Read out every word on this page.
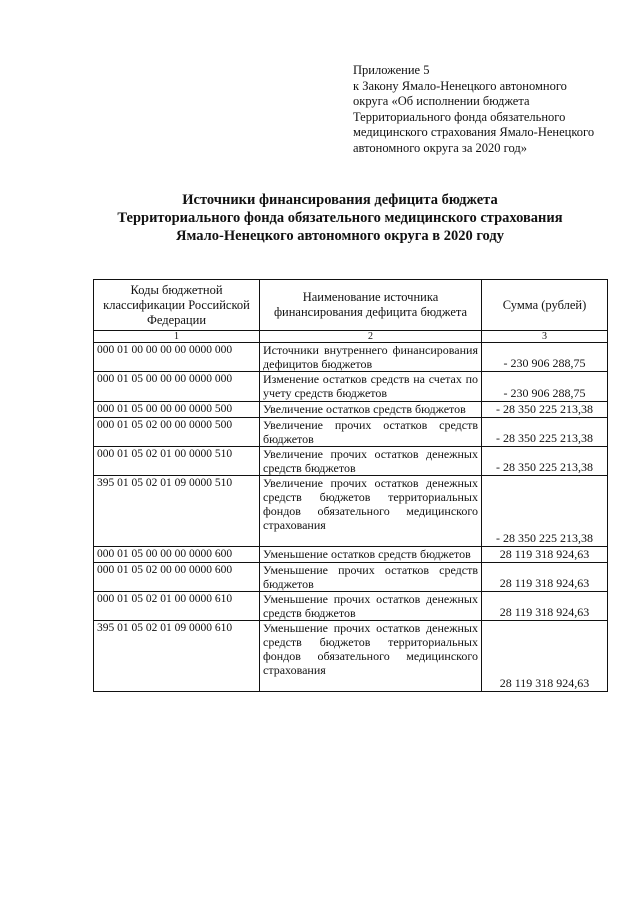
Приложение 5
к Закону Ямало-Ненецкого автономного
округа «Об исполнении бюджета
Территориального фонда обязательного
медицинского страхования Ямало-Ненецкого
автономного округа за 2020 год»
Источники финансирования дефицита бюджета
Территориального фонда обязательного медицинского страхования
Ямало-Ненецкого автономного округа в 2020 году
Коды бюджетной классификации Российской Федерации	Наименование источника финансирования дефицита бюджета	Сумма (рублей)
1	2	3
000 01 00 00 00 00 0000 000	Источники внутреннего финансирования дефицитов бюджетов	- 230 906 288,75
000 01 05 00 00 00 0000 000	Изменение остатков средств на счетах по учету средств бюджетов	- 230 906 288,75
000 01 05 00 00 00 0000 500	Увеличение остатков средств бюджетов	- 28 350 225 213,38
000 01 05 02 00 00 0000 500	Увеличение прочих остатков средств бюджетов	- 28 350 225 213,38
000 01 05 02 01 00 0000 510	Увеличение прочих остатков денежных средств бюджетов	- 28 350 225 213,38
395 01 05 02 01 09 0000 510	Увеличение прочих остатков денежных средств бюджетов территориальных фондов обязательного медицинского страхования	- 28 350 225 213,38
000 01 05 00 00 00 0000 600	Уменьшение остатков средств бюджетов	28 119 318 924,63
000 01 05 02 00 00 0000 600	Уменьшение прочих остатков средств бюджетов	28 119 318 924,63
000 01 05 02 01 00 0000 610	Уменьшение прочих остатков денежных средств бюджетов	28 119 318 924,63
395 01 05 02 01 09 0000 610	Уменьшение прочих остатков денежных средств бюджетов территориальных фондов обязательного медицинского страхования	28 119 318 924,63
